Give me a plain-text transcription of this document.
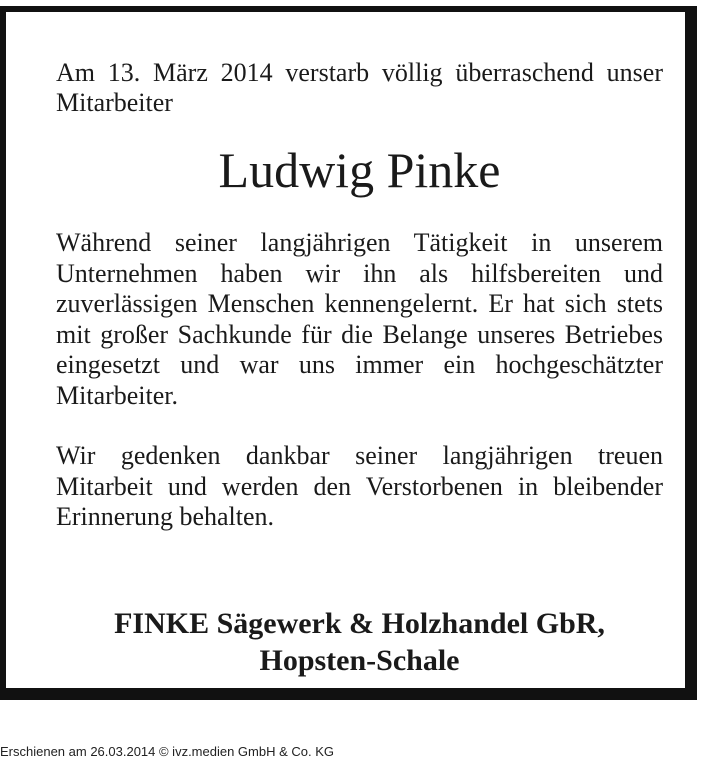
Am 13. März 2014 verstarb völlig überraschend unser Mitarbeiter

Ludwig Pinke

Während seiner langjährigen Tätigkeit in unserem Unternehmen haben wir ihn als hilfsbereiten und zuverlässigen Menschen kennengelernt. Er hat sich stets mit großer Sachkunde für die Belange unseres Betriebes eingesetzt und war uns immer ein hochgeschätzter Mitarbeiter.

Wir gedenken dankbar seiner langjährigen treuen Mitarbeit und werden den Verstorbenen in bleibender Erinnerung behalten.

FINKE Sägewerk & Holzhandel GbR,
Hopsten-Schale
Erschienen am 26.03.2014 © ivz.medien GmbH & Co. KG
